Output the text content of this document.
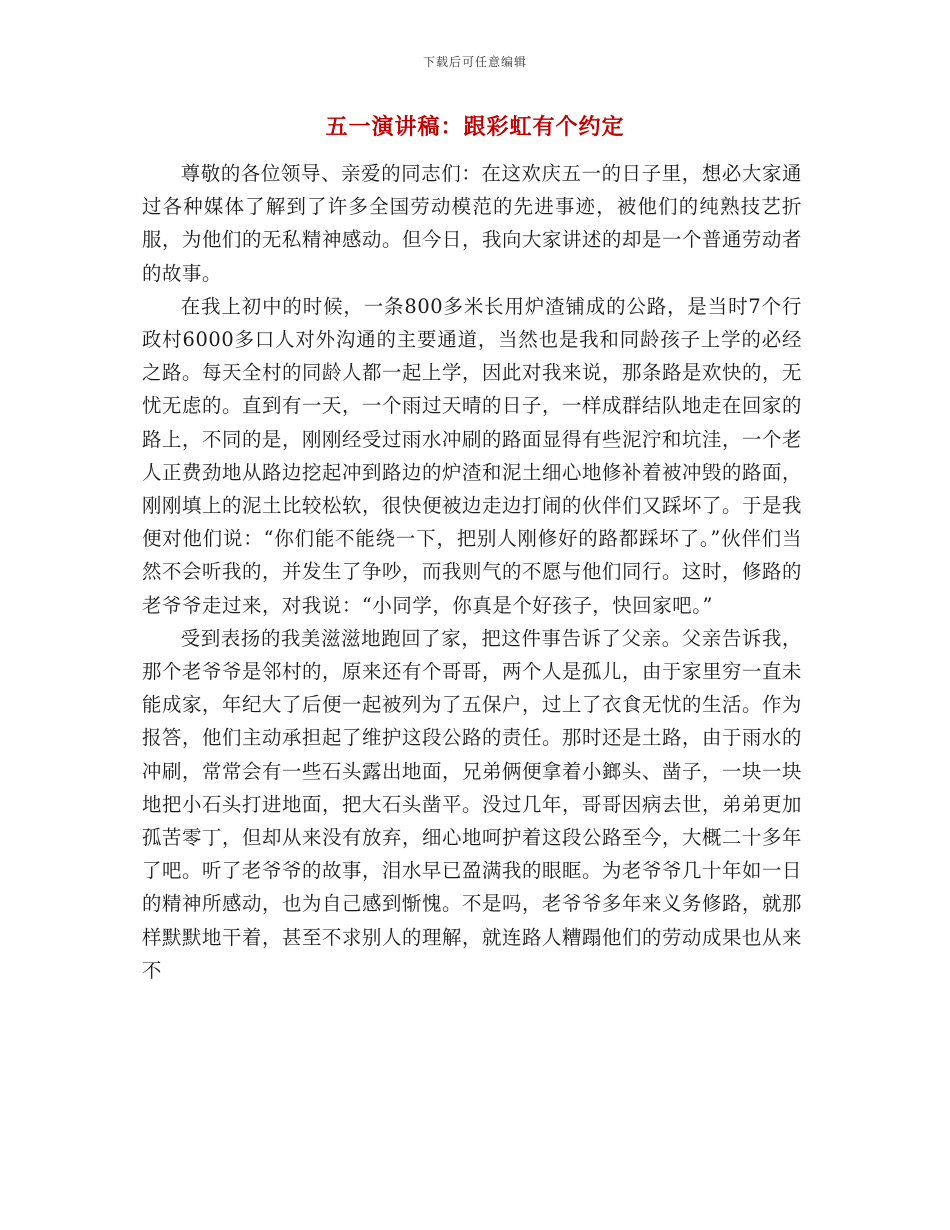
下载后可任意编辑
五一演讲稿：跟彩虹有个约定

尊敬的各位领导、亲爱的同志们：在这欢庆五一的日子里，想必大家通过各种媒体了解到了许多全国劳动模范的先进事迹，被他们的纯熟技艺折服，为他们的无私精神感动。但今日，我向大家讲述的却是一个普通劳动者的故事。

在我上初中的时候，一条800多米长用炉渣铺成的公路，是当时7个行政村6000多口人对外沟通的主要通道，当然也是我和同龄孩子上学的必经之路。每天全村的同龄人都一起上学，因此对我来说，那条路是欢快的，无忧无虑的。直到有一天，一个雨过天晴的日子，一样成群结队地走在回家的路上，不同的是，刚刚经受过雨水冲刷的路面显得有些泥泞和坑洼，一个老人正费劲地从路边挖起冲到路边的炉渣和泥土细心地修补着被冲毁的路面，刚刚填上的泥土比较松软，很快便被边走边打闹的伙伴们又踩坏了。于是我便对他们说：“你们能不能绕一下，把别人刚修好的路都踩坏了。”伙伴们当然不会听我的，并发生了争吵，而我则气的不愿与他们同行。这时，修路的老爷爷走过来，对我说：“小同学，你真是个好孩子，快回家吧。”

受到表扬的我美滋滋地跑回了家，把这件事告诉了父亲。父亲告诉我，那个老爷爷是邻村的，原来还有个哥哥，两个人是孤儿，由于家里穷一直未能成家，年纪大了后便一起被列为了五保户，过上了衣食无忧的生活。作为报答，他们主动承担起了维护这段公路的责任。那时还是土路，由于雨水的冲刷，常常会有一些石头露出地面，兄弟俩便拿着小鎯头、凿子，一块一块地把小石头打进地面，把大石头凿平。没过几年，哥哥因病去世，弟弟更加孤苦零丁，但却从来没有放弃，细心地呵护着这段公路至今，大概二十多年了吧。听了老爷爷的故事，泪水早已盈满我的眼眶。为老爷爷几十年如一日的精神所感动，也为自己感到惭愧。不是吗，老爷爷多年来义务修路，就那样默默地干着，甚至不求别人的理解，就连路人糟蹋他们的劳动成果也从来不
